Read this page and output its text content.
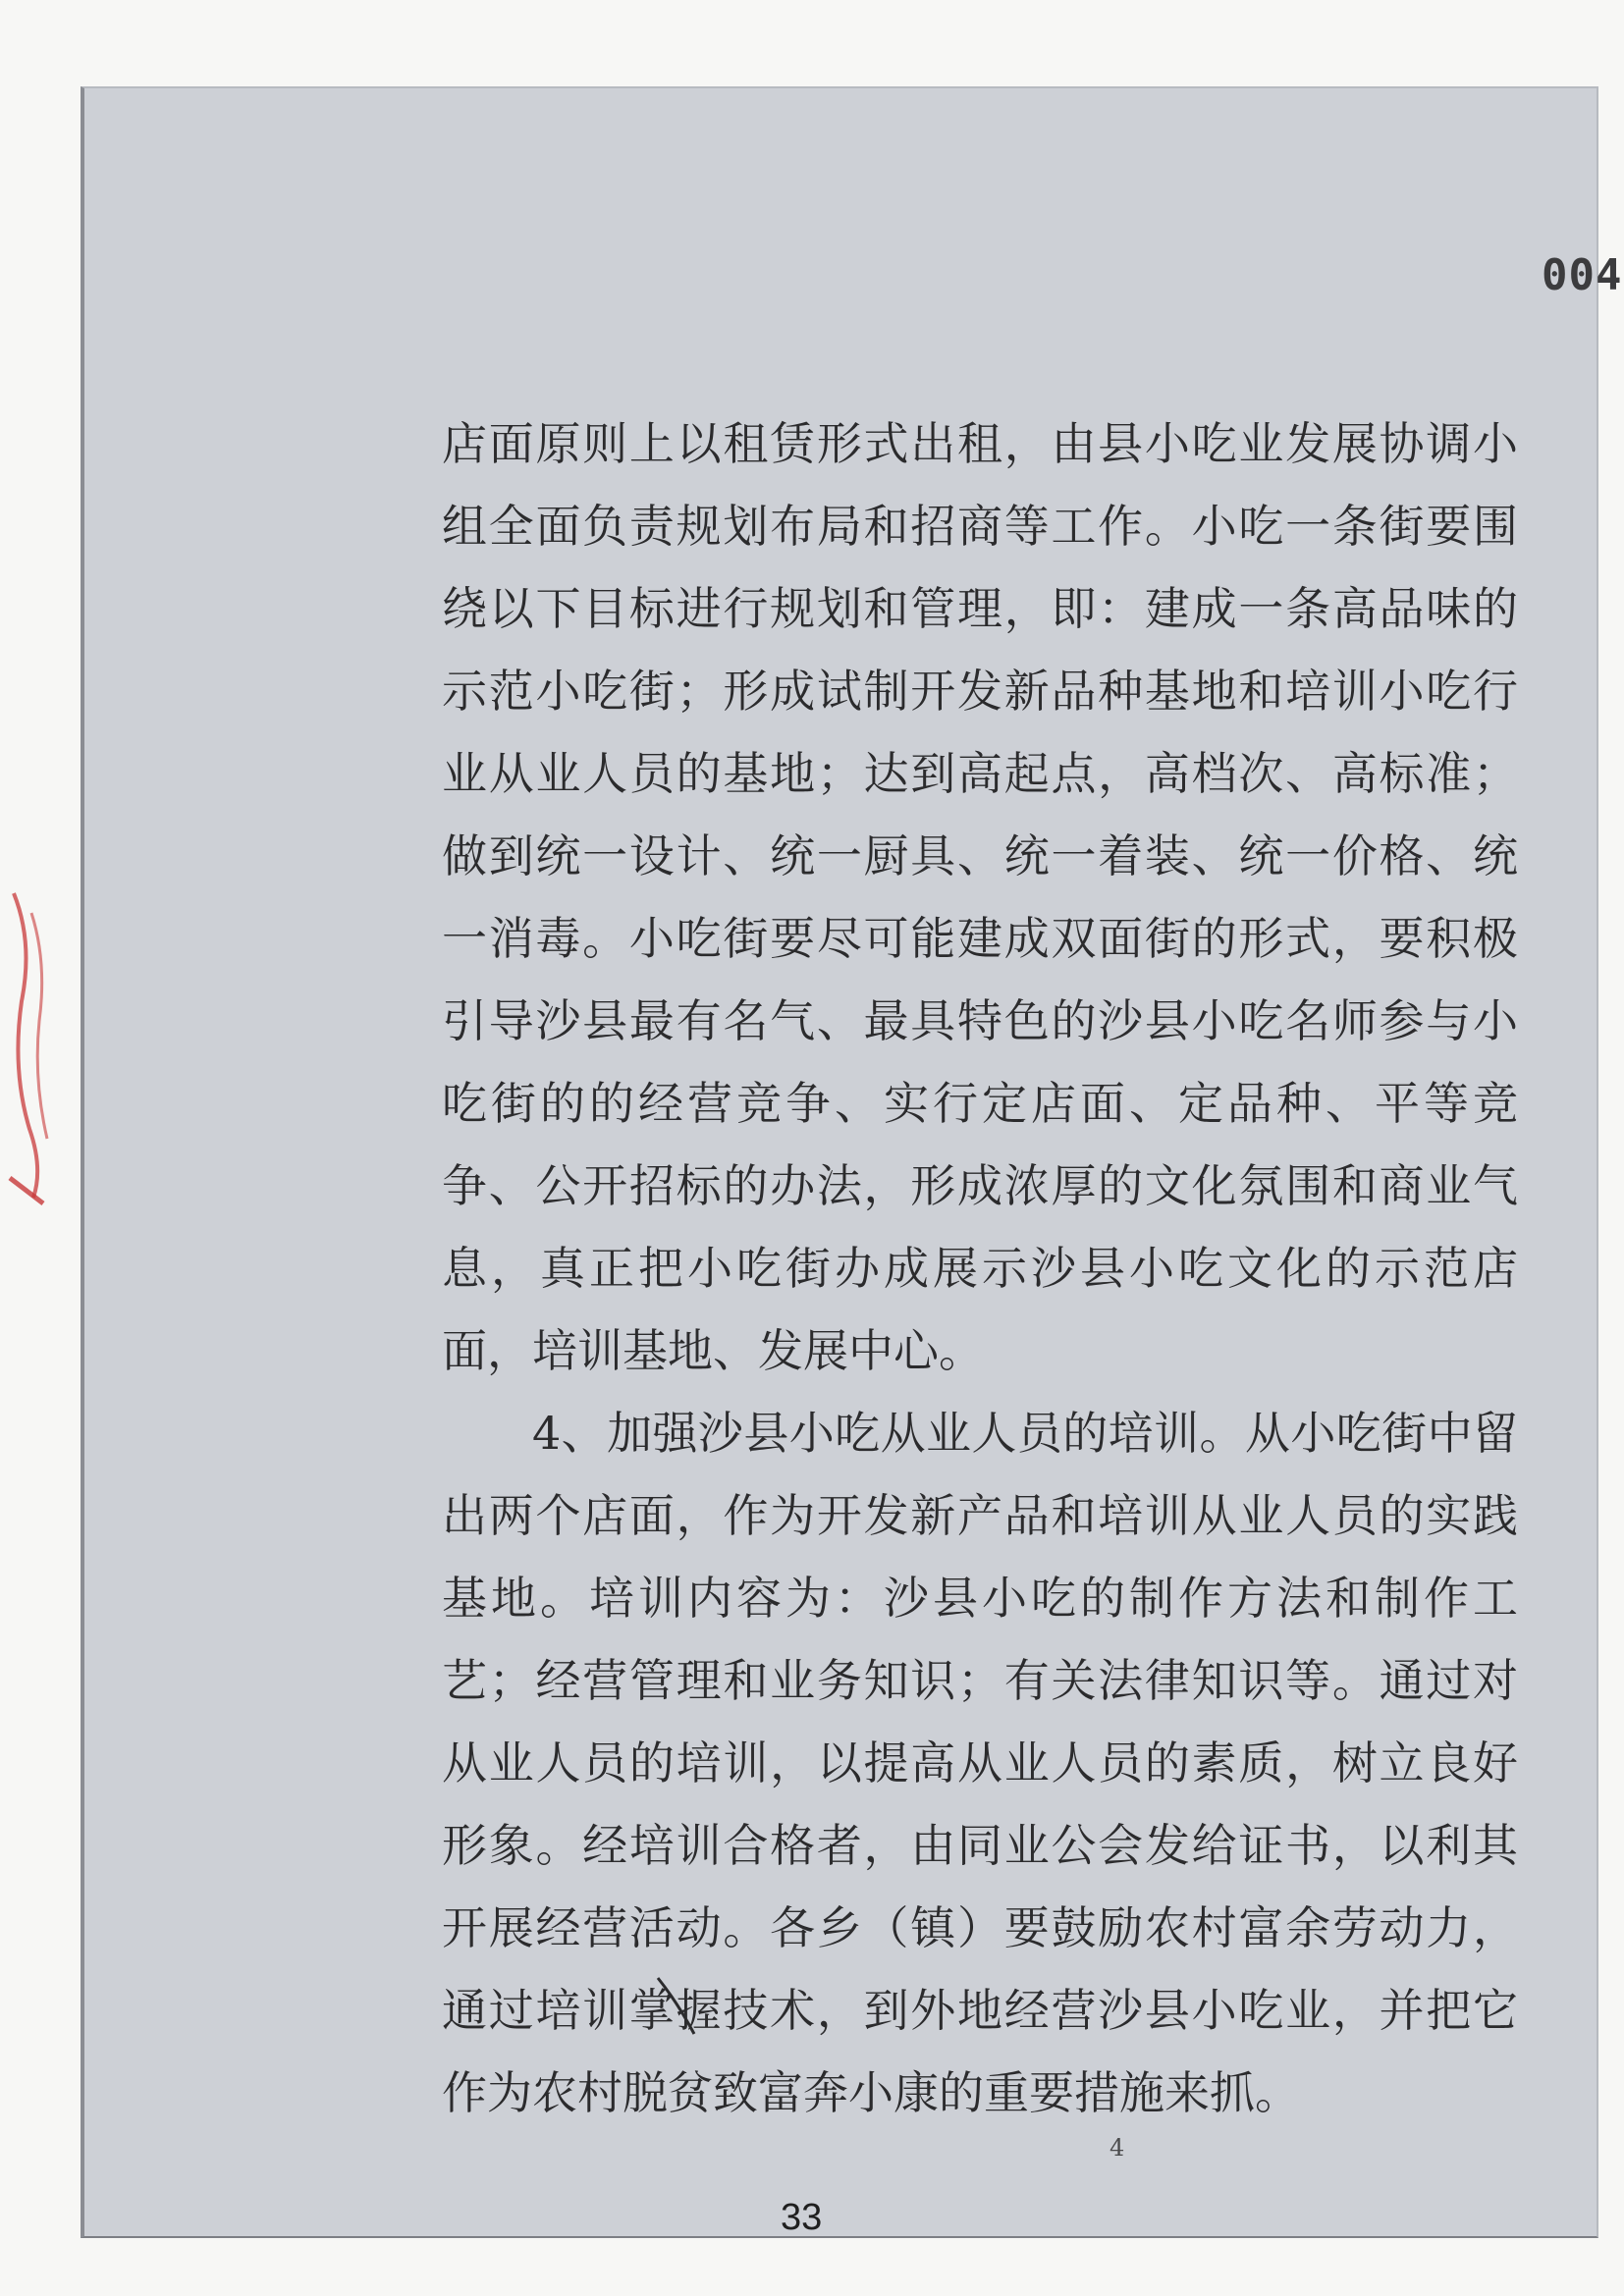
004

店面原则上以租赁形式出租，由县小吃业发展协调小组全面负责规划布局和招商等工作。小吃一条街要围绕以下目标进行规划和管理，即：建成一条高品味的示范小吃街；形成试制开发新品种基地和培训小吃行业从业人员的基地；达到高起点，高档次、高标准；做到统一设计、统一厨具、统一着装、统一价格、统一消毒。小吃街要尽可能建成双面街的形式，要积极引导沙县最有名气、最具特色的沙县小吃名师参与小吃街的的经营竞争、实行定店面、定品种、平等竞争、公开招标的办法，形成浓厚的文化氛围和商业气息，真正把小吃街办成展示沙县小吃文化的示范店面，培训基地、发展中心。

4、加强沙县小吃从业人员的培训。从小吃街中留出两个店面，作为开发新产品和培训从业人员的实践基地。培训内容为：沙县小吃的制作方法和制作工艺；经营管理和业务知识；有关法律知识等。通过对从业人员的培训，以提高从业人员的素质，树立良好形象。经培训合格者，由同业公会发给证书，以利其开展经营活动。各乡（镇）要鼓励农村富余劳动力，通过培训掌握技术，到外地经营沙县小吃业，并把它作为农村脱贫致富奔小康的重要措施来抓。

4
33
